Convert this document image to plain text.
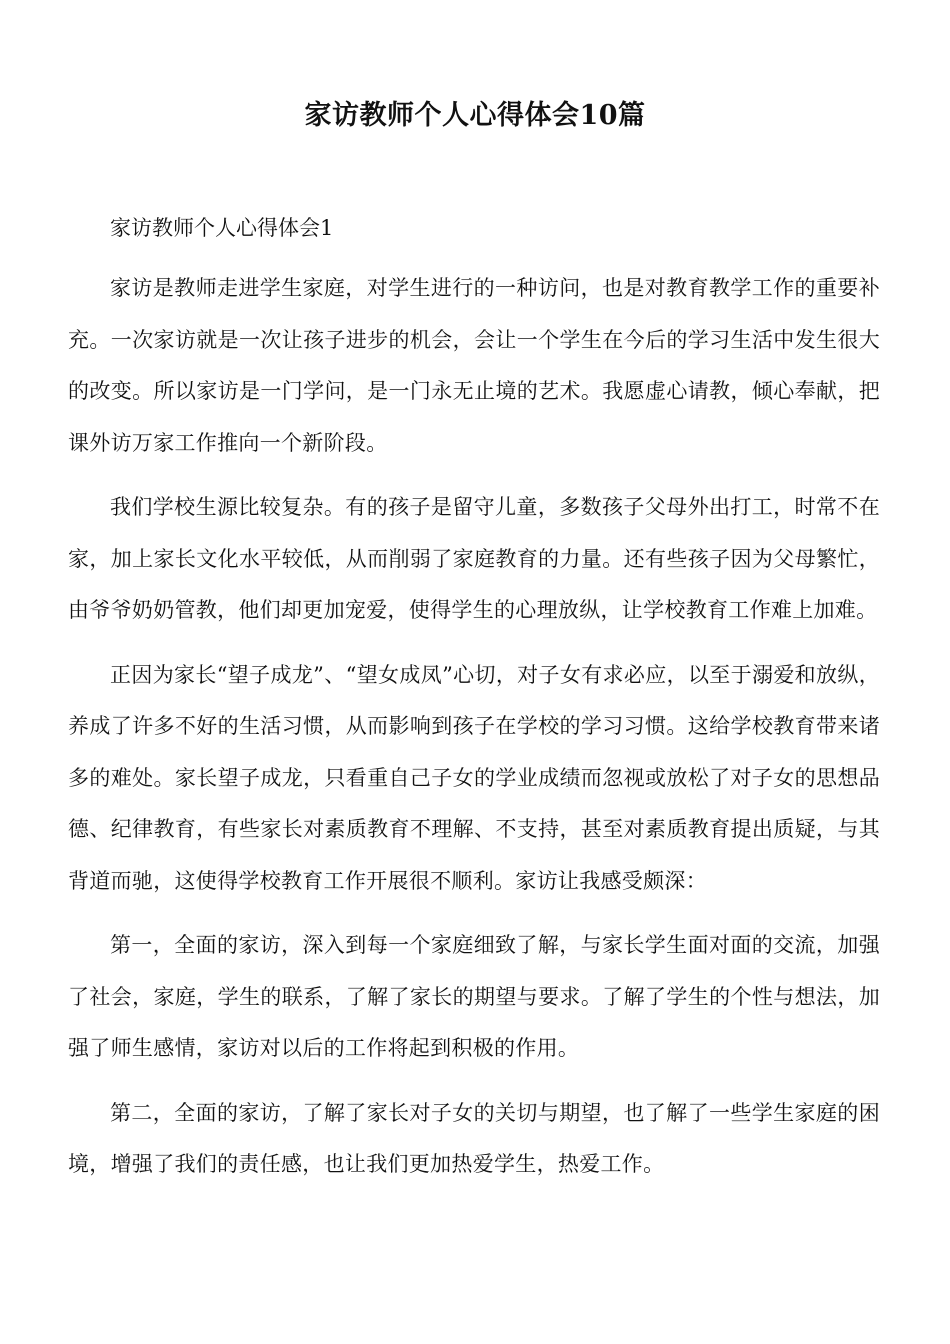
家访教师个人心得体会10篇

家访教师个人心得体会1

家访是教师走进学生家庭，对学生进行的一种访问，也是对教育教学工作的重要补充。一次家访就是一次让孩子进步的机会，会让一个学生在今后的学习生活中发生很大的改变。所以家访是一门学问，是一门永无止境的艺术。我愿虚心请教，倾心奉献，把课外访万家工作推向一个新阶段。

我们学校生源比较复杂。有的孩子是留守儿童，多数孩子父母外出打工，时常不在家，加上家长文化水平较低，从而削弱了家庭教育的力量。还有些孩子因为父母繁忙，由爷爷奶奶管教，他们却更加宠爱，使得学生的心理放纵，让学校教育工作难上加难。

正因为家长“望子成龙”、“望女成凤”心切，对子女有求必应，以至于溺爱和放纵，养成了许多不好的生活习惯，从而影响到孩子在学校的学习习惯。这给学校教育带来诸多的难处。家长望子成龙，只看重自己子女的学业成绩而忽视或放松了对子女的思想品德、纪律教育，有些家长对素质教育不理解、不支持，甚至对素质教育提出质疑，与其背道而驰，这使得学校教育工作开展很不顺利。家访让我感受颇深：

第一，全面的家访，深入到每一个家庭细致了解，与家长学生面对面的交流，加强了社会，家庭，学生的联系，了解了家长的期望与要求。了解了学生的个性与想法，加强了师生感情，家访对以后的工作将起到积极的作用。

第二，全面的家访，了解了家长对子女的关切与期望，也了解了一些学生家庭的困境，增强了我们的责任感，也让我们更加热爱学生，热爱工作。
